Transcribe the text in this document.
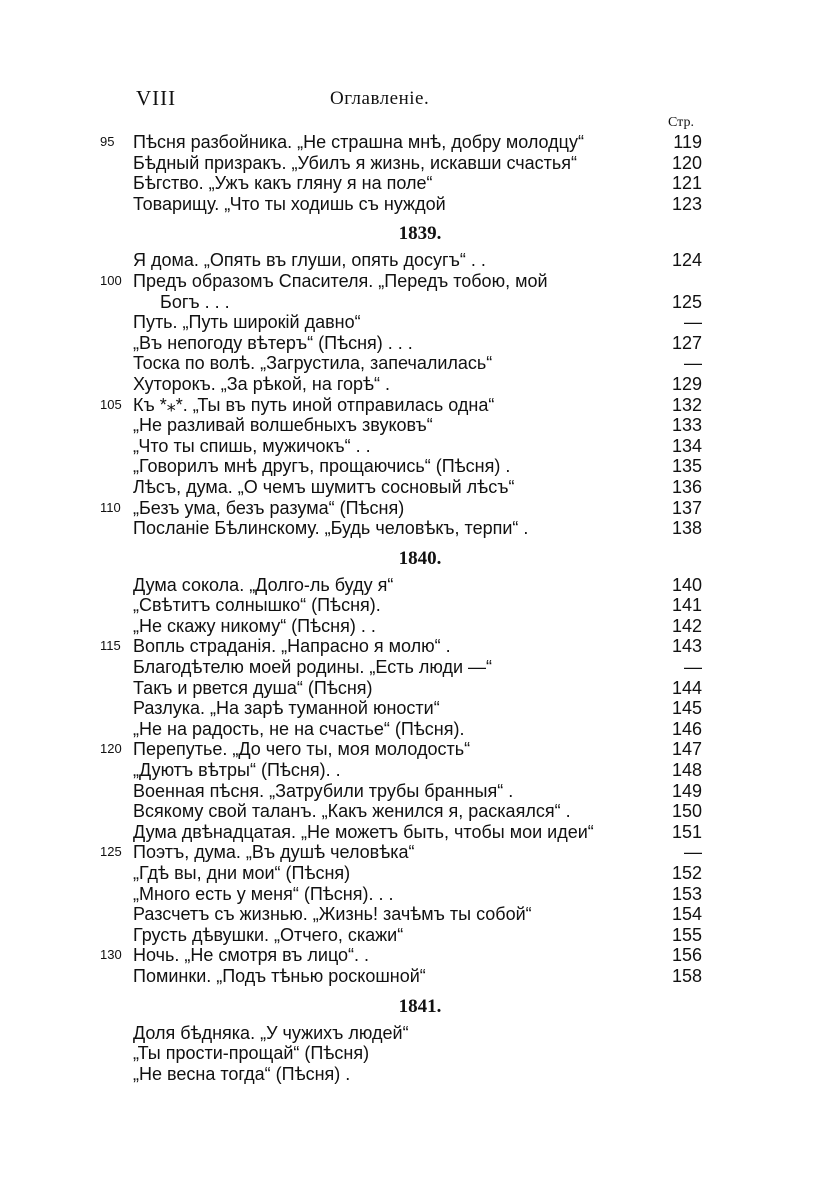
VIII	Оглавленіе.
Стр.
95	Пѣсня разбойника. „Не страшна мнѣ, добру молодцу“	119
Бѣдный призракъ. „Убилъ я жизнь, искавши счастья“	120
Бѣгство. „Ужъ какъ гляну я на поле“	121
Товарищу. „Что ты ходишь съ нуждой	123
1839.
Я дома. „Опять въ глуши, опять досугъ“ . .	124
100 Предъ образомъ Спасителя. „Передъ тобою, мой
Богъ . . .	125
Путь. „Путь широкій давно“	—
„Въ непогоду вѣтеръ“ (Пѣсня) . . .	127
Тоска по волѣ. „Загрустила, запечалилась“	—
Хуторокъ. „За рѣкой, на горѣ“ .	129
105 Къ *⁎*. „Ты въ путь иной отправилась одна“	132
„Не разливай волшебныхъ звуковъ“	133
„Что ты спишь, мужичокъ“ . .	134
„Говорилъ мнѣ другъ, прощаючись“ (Пѣсня) .	135
Лѣсъ, дума. „О чемъ шумитъ сосновый лѣсъ“	136
110 „Безъ ума, безъ разума“ (Пѣсня)	137
Посланіе Бѣлинскому. „Будь человѣкъ, терпи“ .	138
1840.
Дума сокола. „Долго-ль буду я“	140
„Свѣтитъ солнышко“ (Пѣсня).	141
„Не скажу никому“ (Пѣсня) . .	142
115 Вопль страданія. „Напрасно я молю“ .	143
Благодѣтелю моей родины. „Есть люди —“	—
Такъ и рвется душа“ (Пѣсня)	144
Разлука. „На зарѣ туманной юности“	145
„Не на радость, не на счастье“ (Пѣсня).	146
120 Перепутье. „До чего ты, моя молодость“	147
„Дуютъ вѣтры“ (Пѣсня). .	148
Военная пѣсня. „Затрубили трубы бранныя“ .	149
Всякому свой таланъ. „Какъ женился я, раскаялся“ .	150
Дума двѣнадцатая. „Не можетъ быть, чтобы мои идеи“	151
125 Поэтъ, дума. „Въ душѣ человѣка“	—
„Гдѣ вы, дни мои“ (Пѣсня)	152
„Много есть у меня“ (Пѣсня). . .	153
Разсчетъ съ жизнью. „Жизнь! зачѣмъ ты собой“	154
Грусть дѣвушки. „Отчего, скажи“	155
130 Ночь. „Не смотря въ лицо“. .	156
Поминки. „Подъ тѣнью роскошной“	158
1841.
Доля бѣдняка. „У чужихъ людей“
„Ты прости-прощай“ (Пѣсня)
„Не весна тогда“ (Пѣсня) .
